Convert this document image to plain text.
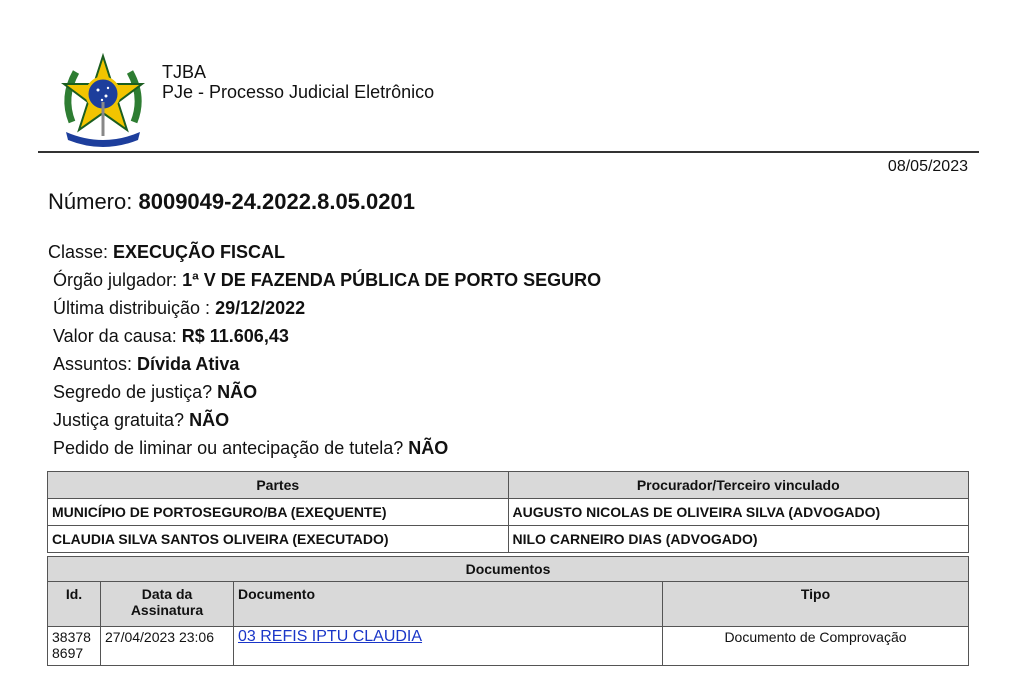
TJBA
PJe - Processo Judicial Eletrônico
08/05/2023
Número: 8009049-24.2022.8.05.0201
Classe: EXECUÇÃO FISCAL
Órgão julgador: 1ª V DE FAZENDA PÚBLICA DE PORTO SEGURO
Última distribuição : 29/12/2022
Valor da causa: R$ 11.606,43
Assuntos: Dívida Ativa
Segredo de justiça? NÃO
Justiça gratuita? NÃO
Pedido de liminar ou antecipação de tutela? NÃO
Partes	Procurador/Terceiro vinculado
MUNICÍPIO DE PORTOSEGURO/BA (EXEQUENTE)	AUGUSTO NICOLAS DE OLIVEIRA SILVA (ADVOGADO)
CLAUDIA SILVA SANTOS OLIVEIRA (EXECUTADO)	NILO CARNEIRO DIAS (ADVOGADO)
Documentos			
Id.	Data da Assinatura	Documento	Tipo
383788697	27/04/2023 23:06	03 REFIS IPTU CLAUDIA	Documento de Comprovação
